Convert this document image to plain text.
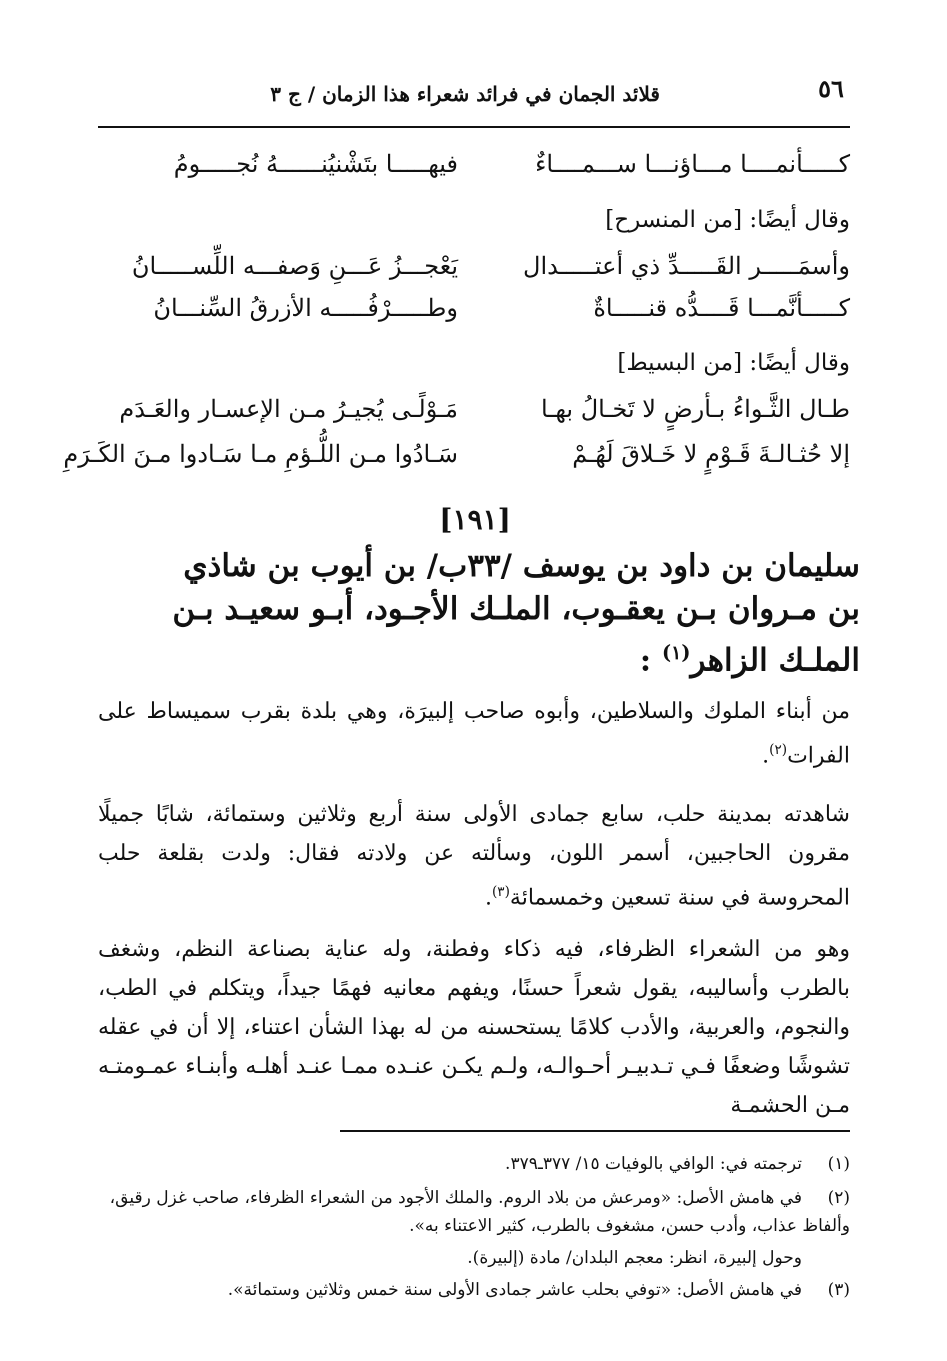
٥٦
قلائد الجمان في فرائد شعراء هذا الزمان / ج ٣
كـــــأنمــــا مـــاؤنـــا ســـمــــاءٌ
فيهـــــا بتَشْنيُنــــــهُ نُجـــــومُ
وقال أيضًا: [من المنسرح]
وأسمَـــــر القَـــــدِّ ذي أعتـــــدال
يَعْجـــزُ عَـــنِ وَصفـــه اللِّســـــانُ
كـــــأنَّمـــا قَــــدُّه قنـــــاةٌ
وطـــــرْفُـــــه الأزرقُ السِّنـــانُ
وقال أيضًا: [من البسيط]
طـال الثَّـواءُ بـأرضٍ لا تَخـالُ بهـا
مَـوْلًـى يُجيـرُ مـن الإعسـار والعَـدَم
إلا حُثـالـةَ قَـوْمٍ لا خَـلاقَ لَهُـمْ
سَـادُوا مـن اللُّـؤمِ مـا سَـادوا مـنَ الكَـرَمِ
[١٩١]
سليمان بن داود بن يوسف /٣٣ب/ بن أيوب بن شاذي بن مـروان بـن يعقـوب، الملـك الأجـود، أبـو سعيـد بـن الملـك الزاهر$^{(١)}$ :
من أبناء الملوك والسلاطين، وأبوه صاحب إلبيرَة، وهي بلدة بقرب سميساط على الفرات$^{(٢)}$.
شاهدته بمدينة حلب، سابع جمادى الأولى سنة أربع وثلاثين وستمائة، شابًا جميلًا مقرون الحاجبين، أسمر اللون، وسألته عن ولادته فقال: ولدت بقلعة حلب المحروسة في سنة تسعين وخمسمائة$^{(٣)}$.
وهو من الشعراء الظرفاء، فيه ذكاء وفطنة، وله عناية بصناعة النظم، وشغف بالطرب وأساليبه، يقول شعراً حسنًا، ويفهم معانيه فهمًا جيداً، ويتكلم في الطب، والنجوم، والعربية، والأدب كلامًا يستحسنه من له بهذا الشأن اعتناء، إلا أن في عقله تشوشًا وضعفًا فـي تـدبيـر أحـوالـه، ولـم يكـن عنـده ممـا عنـد أهلـه وأبنـاء عمـومتـه مـن الحشمـة
(١)ترجمته في: الوافي بالوفيات ١٥/ ٣٧٧ـ٣٧٩.
(٢)في هامش الأصل: «ومرعش من بلاد الروم. والملك الأجود من الشعراء الظرفاء، صاحب غزل رقيق، وألفاظ عذاب، وأدب حسن، مشغوف بالطرب، كثير الاعتناء به».
وحول إلبيرة، انظر: معجم البلدان/ مادة (إلبيرة).
(٣)في هامش الأصل: «توفي بحلب عاشر جمادى الأولى سنة خمس وثلاثين وستمائة».
